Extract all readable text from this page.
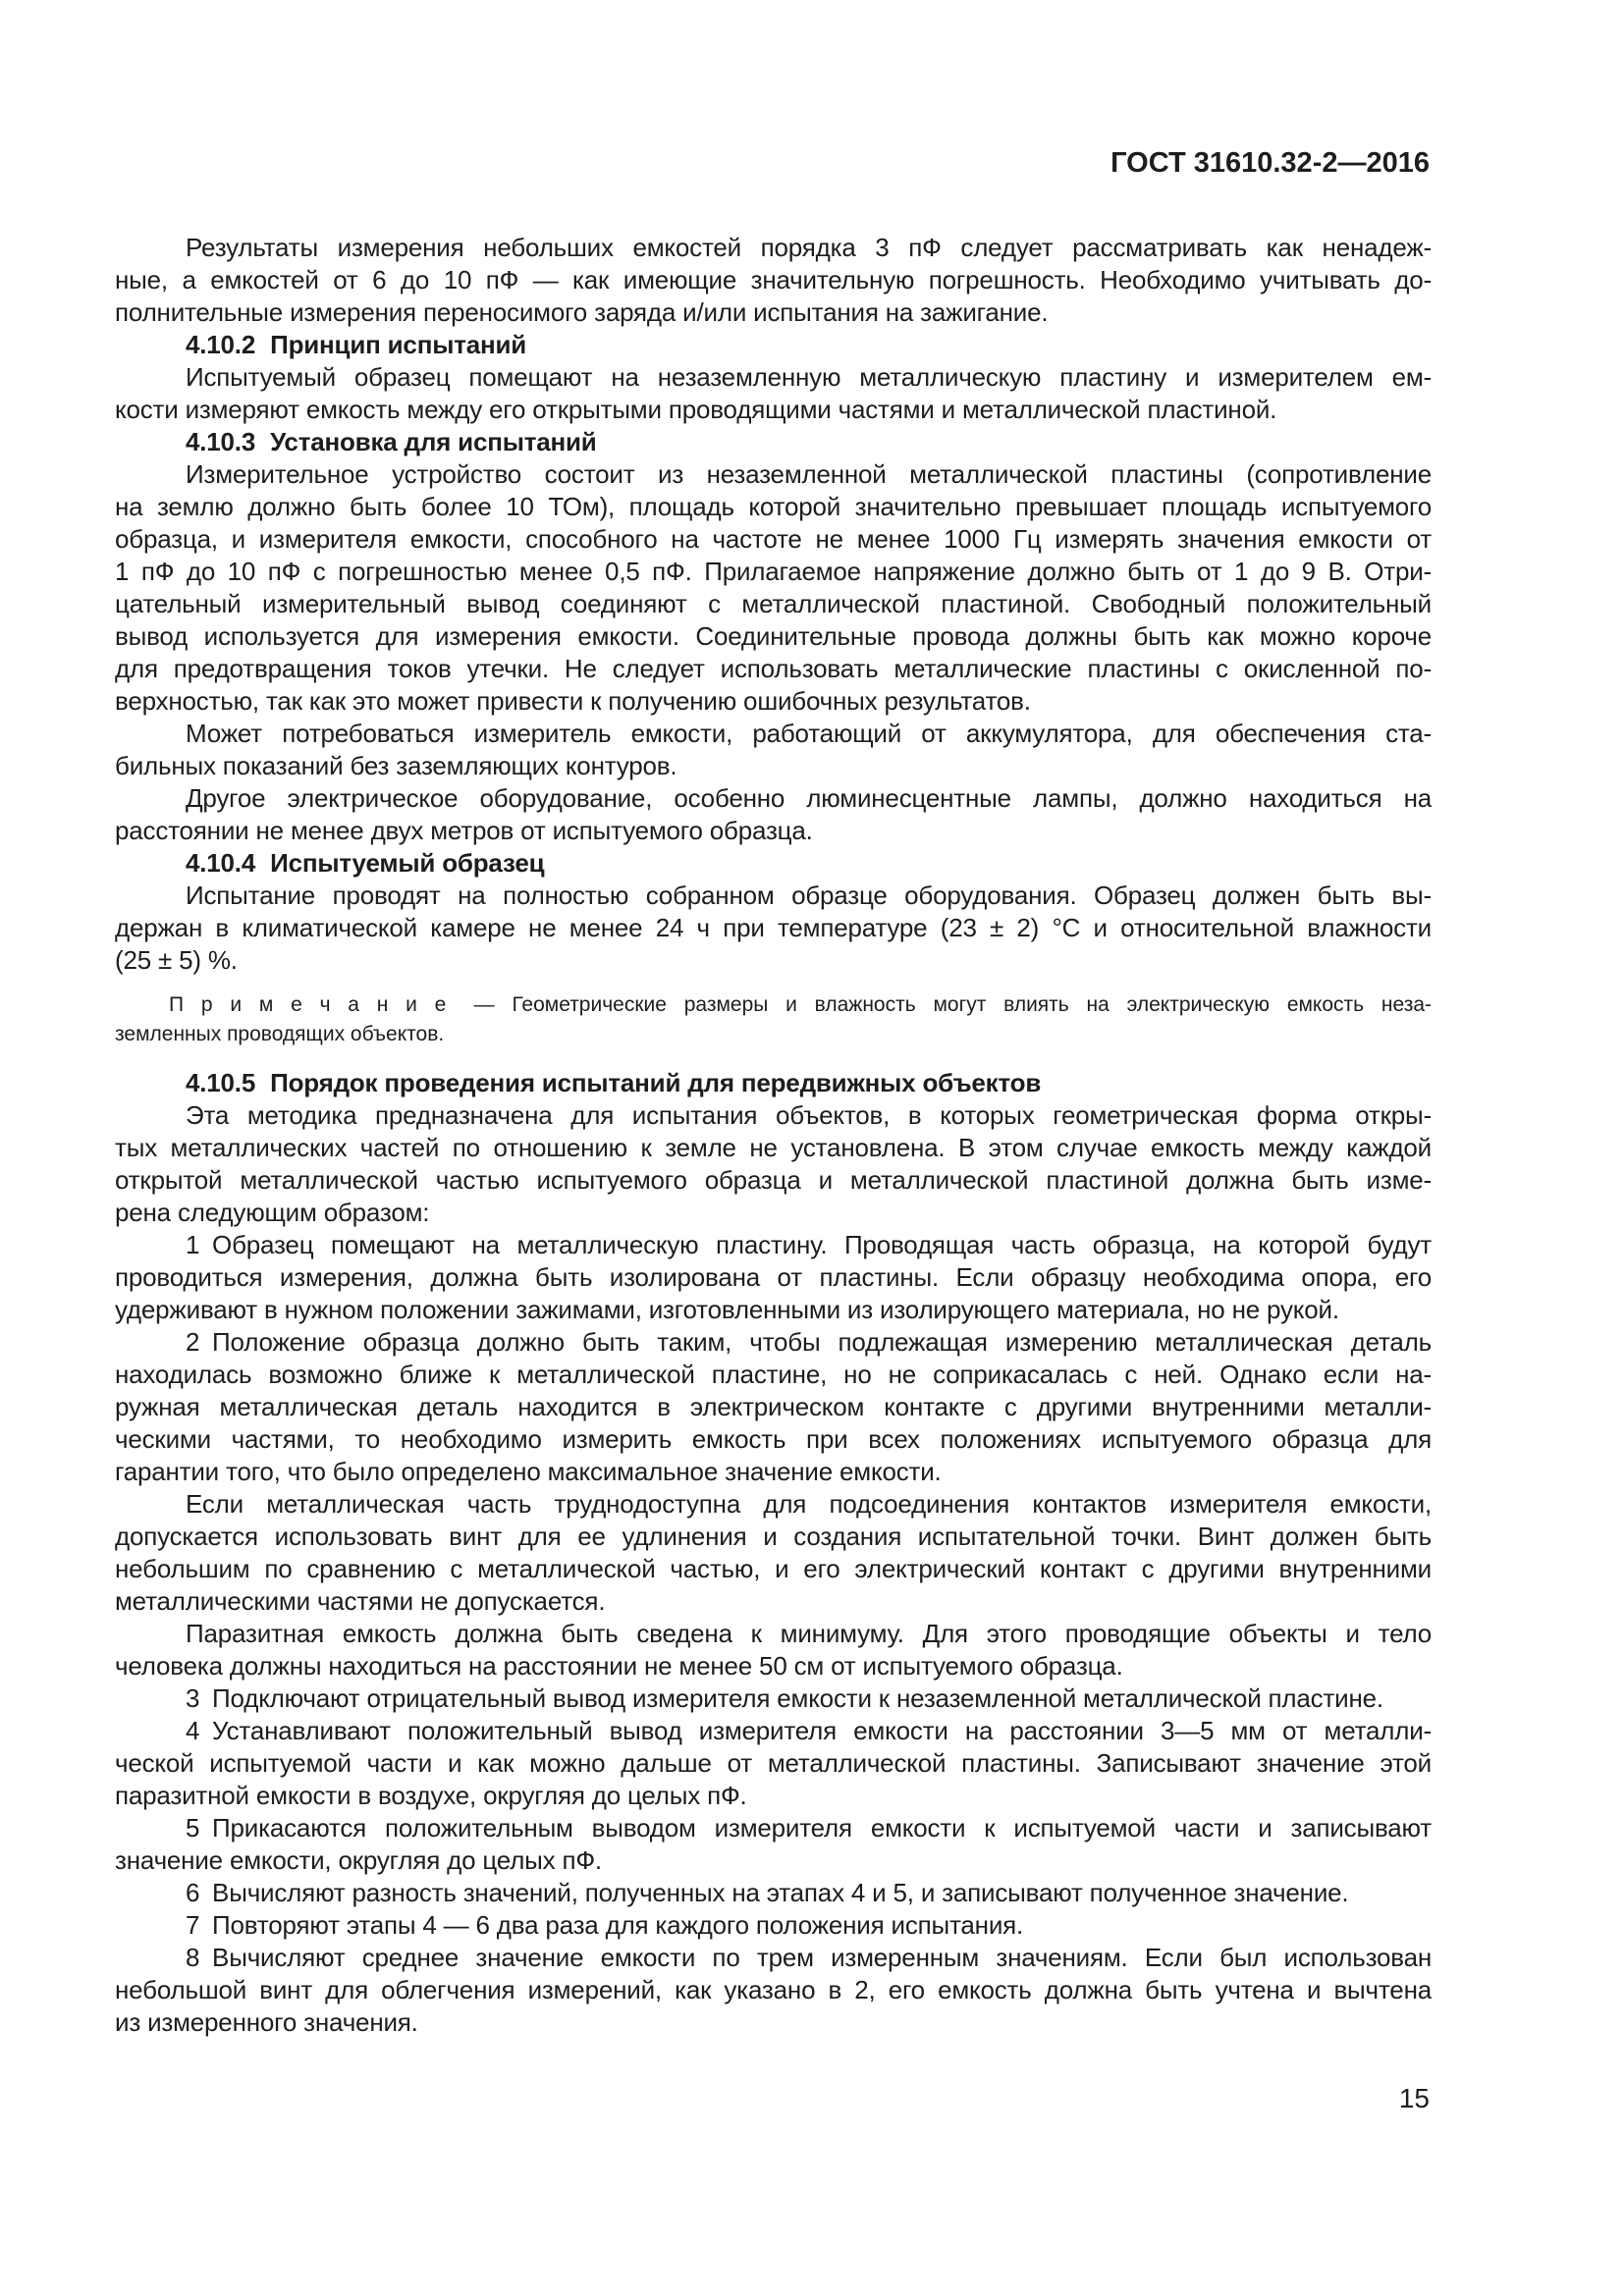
ГОСТ 31610.32-2—2016
Результаты измерения небольших емкостей порядка 3 пФ следует рассматривать как ненадеж-
ные, а емкостей от 6 до 10 пФ — как имеющие значительную погрешность. Необходимо учитывать до-
полнительные измерения переносимого заряда и/или испытания на зажигание.
4.10.2 Принцип испытаний
Испытуемый образец помещают на незаземленную металлическую пластину и измерителем ем-
кости измеряют емкость между его открытыми проводящими частями и металлической пластиной.
4.10.3 Установка для испытаний
Измерительное устройство состоит из незаземленной металлической пластины (сопротивление
на землю должно быть более 10 ТОм), площадь которой значительно превышает площадь испытуемого
образца, и измерителя емкости, способного на частоте не менее 1000 Гц измерять значения емкости от
1 пФ до 10 пФ с погрешностью менее 0,5 пФ. Прилагаемое напряжение должно быть от 1 до 9 В. Отри-
цательный измерительный вывод соединяют с металлической пластиной. Свободный положительный
вывод используется для измерения емкости. Соединительные провода должны быть как можно короче
для предотвращения токов утечки. Не следует использовать металлические пластины с окисленной по-
верхностью, так как это может привести к получению ошибочных результатов.
Может потребоваться измеритель емкости, работающий от аккумулятора, для обеспечения ста-
бильных показаний без заземляющих контуров.
Другое электрическое оборудование, особенно люминесцентные лампы, должно находиться на
расстоянии не менее двух метров от испытуемого образца.
4.10.4 Испытуемый образец
Испытание проводят на полностью собранном образце оборудования. Образец должен быть вы-
держан в климатической камере не менее 24 ч при температуре (23 ± 2) °С и относительной влажности
(25 ± 5) %.
П р и м е ч а н и е  — Геометрические размеры и влажность могут влиять на электрическую емкость неза-
земленных проводящих объектов.
4.10.5 Порядок проведения испытаний для передвижных объектов
Эта методика предназначена для испытания объектов, в которых геометрическая форма откры-
тых металлических частей по отношению к земле не установлена. В этом случае емкость между каждой
открытой металлической частью испытуемого образца и металлической пластиной должна быть изме-
рена следующим образом:
1 Образец помещают на металлическую пластину. Проводящая часть образца, на которой будут
проводиться измерения, должна быть изолирована от пластины. Если образцу необходима опора, его
удерживают в нужном положении зажимами, изготовленными из изолирующего материала, но не рукой.
2 Положение образца должно быть таким, чтобы подлежащая измерению металлическая деталь
находилась возможно ближе к металлической пластине, но не соприкасалась с ней. Однако если на-
ружная металлическая деталь находится в электрическом контакте с другими внутренними металли-
ческими частями, то необходимо измерить емкость при всех положениях испытуемого образца для
гарантии того, что было определено максимальное значение емкости.
Если металлическая часть труднодоступна для подсоединения контактов измерителя емкости,
допускается использовать винт для ее удлинения и создания испытательной точки. Винт должен быть
небольшим по сравнению с металлической частью, и его электрический контакт с другими внутренними
металлическими частями не допускается.
Паразитная емкость должна быть сведена к минимуму. Для этого проводящие объекты и тело
человека должны находиться на расстоянии не менее 50 см от испытуемого образца.
3 Подключают отрицательный вывод измерителя емкости к незаземленной металлической пластине.
4 Устанавливают положительный вывод измерителя емкости на расстоянии 3—5 мм от металли-
ческой испытуемой части и как можно дальше от металлической пластины. Записывают значение этой
паразитной емкости в воздухе, округляя до целых пФ.
5 Прикасаются положительным выводом измерителя емкости к испытуемой части и записывают
значение емкости, округляя до целых пФ.
6 Вычисляют разность значений, полученных на этапах 4 и 5, и записывают полученное значение.
7 Повторяют этапы 4 — 6 два раза для каждого положения испытания.
8 Вычисляют среднее значение емкости по трем измеренным значениям. Если был использован
небольшой винт для облегчения измерений, как указано в 2, его емкость должна быть учтена и вычтена
из измеренного значения.
15
